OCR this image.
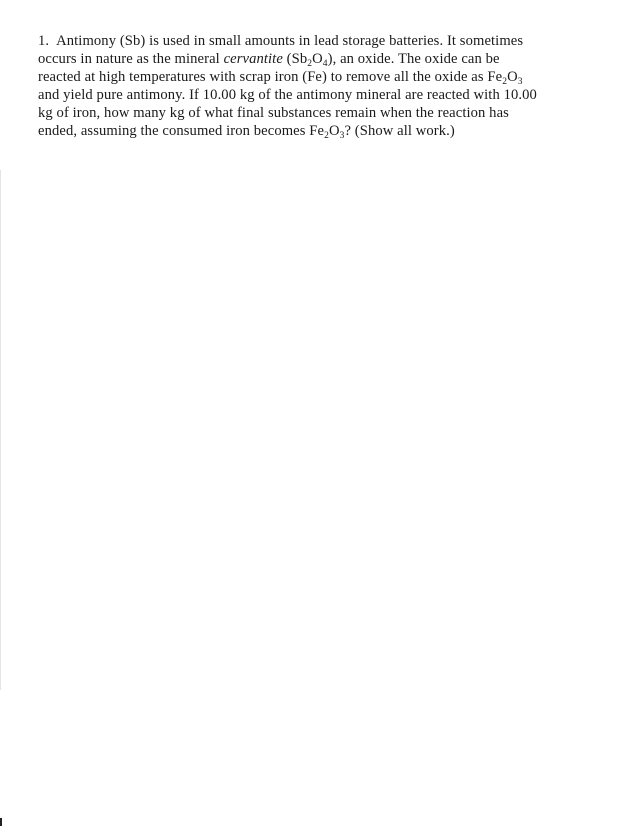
1. Antimony (Sb) is used in small amounts in lead storage batteries. It sometimes
occurs in nature as the mineral cervantite $(Sb_2O_4)$, an oxide. The oxide can be
reacted at high temperatures with scrap iron (Fe) to remove all the oxide as $Fe_2O_3$
and yield pure antimony. If 10.00 kg of the antimony mineral are reacted with 10.00
kg of iron, how many kg of what final substances remain when the reaction has
ended, assuming the consumed iron becomes $Fe_2O_3$? (Show all work.)
